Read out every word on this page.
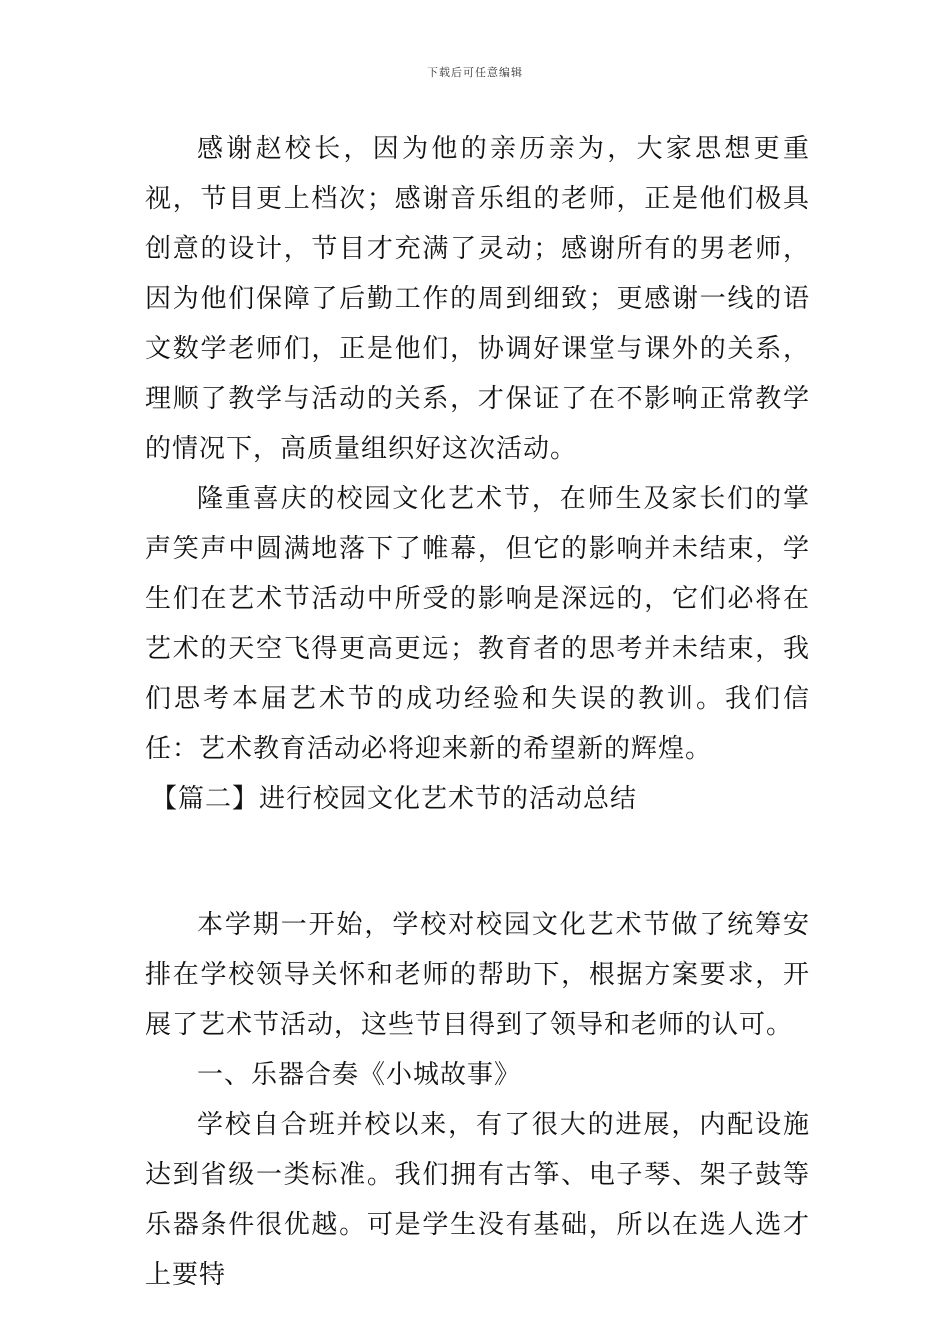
下载后可任意编辑

感谢赵校长，因为他的亲历亲为，大家思想更重视，节目更上档次；感谢音乐组的老师，正是他们极具创意的设计，节目才充满了灵动；感谢所有的男老师，因为他们保障了后勤工作的周到细致；更感谢一线的语文数学老师们，正是他们，协调好课堂与课外的关系，理顺了教学与活动的关系，才保证了在不影响正常教学的情况下，高质量组织好这次活动。

隆重喜庆的校园文化艺术节，在师生及家长们的掌声笑声中圆满地落下了帷幕，但它的影响并未结束，学生们在艺术节活动中所受的影响是深远的，它们必将在艺术的天空飞得更高更远；教育者的思考并未结束，我们思考本届艺术节的成功经验和失误的教训。我们信任：艺术教育活动必将迎来新的希望新的辉煌。

【篇二】进行校园文化艺术节的活动总结

本学期一开始，学校对校园文化艺术节做了统筹安排在学校领导关怀和老师的帮助下，根据方案要求，开展了艺术节活动，这些节目得到了领导和老师的认可。

一、乐器合奏《小城故事》

学校自合班并校以来，有了很大的进展，内配设施达到省级一类标准。我们拥有古筝、电子琴、架子鼓等乐器条件很优越。可是学生没有基础，所以在选人选才上要特
